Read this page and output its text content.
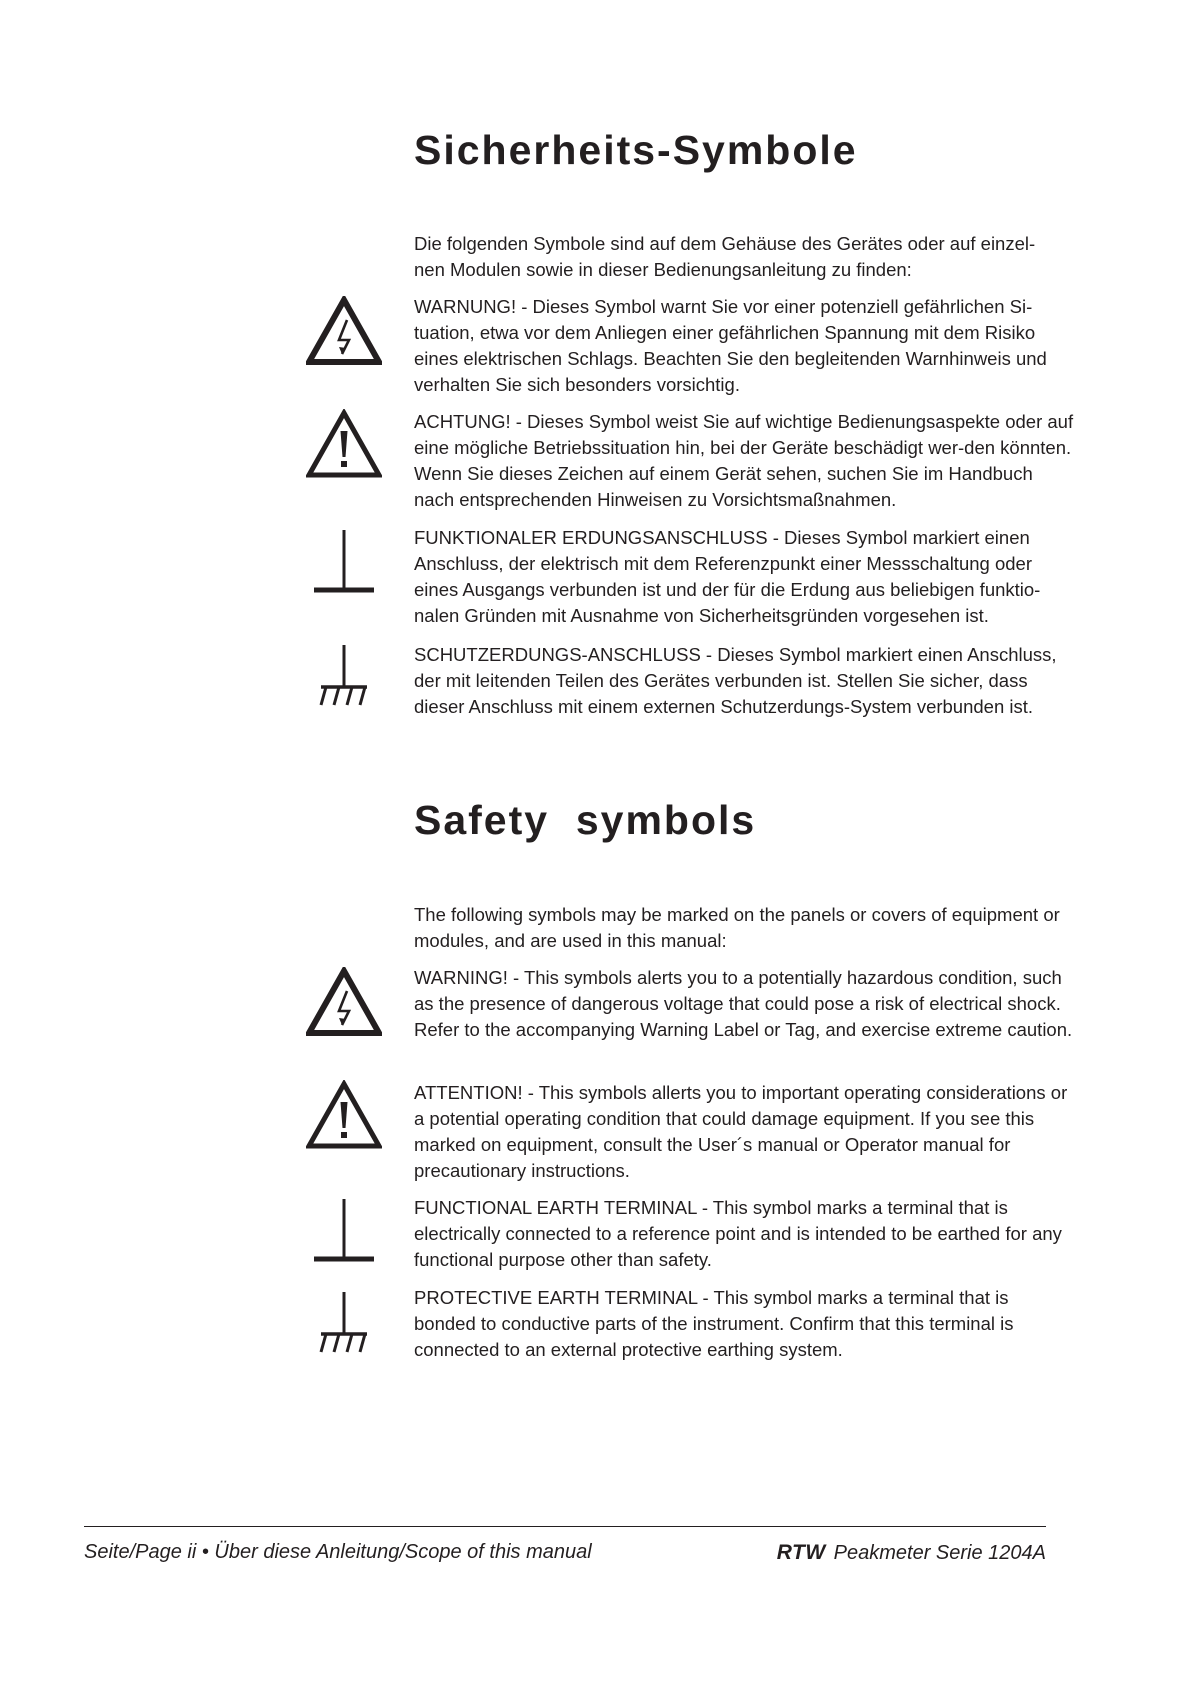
Sicherheits-Symbole

Die folgenden Symbole sind auf dem Gehäuse des Gerätes oder auf einzel-nen Modulen sowie in dieser Bedienungsanleitung zu finden:

WARNUNG! - Dieses Symbol warnt Sie vor einer potenziell gefährlichen Si-tuation, etwa vor dem Anliegen einer gefährlichen Spannung mit dem Risiko eines elektrischen Schlags. Beachten Sie den begleitenden Warnhinweis und verhalten Sie sich besonders vorsichtig.

ACHTUNG! - Dieses Symbol weist Sie auf wichtige Bedienungsaspekte oder auf eine mögliche Betriebssituation hin, bei der Geräte beschädigt wer-den könnten. Wenn Sie dieses Zeichen auf einem Gerät sehen, suchen Sie im Handbuch nach entsprechenden Hinweisen zu Vorsichtsmaßnahmen.

FUNKTIONALER ERDUNGSANSCHLUSS - Dieses Symbol markiert einen Anschluss, der elektrisch mit dem Referenzpunkt einer Messschaltung oder eines Ausgangs verbunden ist und der für die Erdung aus beliebigen funktio-nalen Gründen mit Ausnahme von Sicherheitsgründen vorgesehen ist.

SCHUTZERDUNGS-ANSCHLUSS - Dieses Symbol markiert einen Anschluss, der mit leitenden Teilen des Gerätes verbunden ist. Stellen Sie sicher, dass dieser Anschluss mit einem externen Schutzerdungs-System verbunden ist.

Safety  symbols

The following symbols may be marked on the panels or covers of equipment or modules, and are used in this manual:

WARNING! - This symbols alerts you to a potentially hazardous condition, such as the presence of dangerous voltage that could pose a risk of electrical shock. Refer to the accompanying Warning Label or Tag, and exercise extreme caution.

ATTENTION! - This symbols allerts you to important operating considerations or a potential operating condition that could damage equipment. If you see this marked on equipment, consult the User´s manual or Operator manual for precautionary instructions.

FUNCTIONAL EARTH TERMINAL - This symbol marks a terminal that is electrically connected to a reference point and is intended to be earthed for any functional purpose other than safety.

PROTECTIVE EARTH TERMINAL - This symbol marks a terminal that is bonded to conductive parts of the instrument. Confirm that this terminal is connected to an external protective earthing system.

Seite/Page ii • Über diese Anleitung/Scope of this manual	RTW Peakmeter Serie 1204A
